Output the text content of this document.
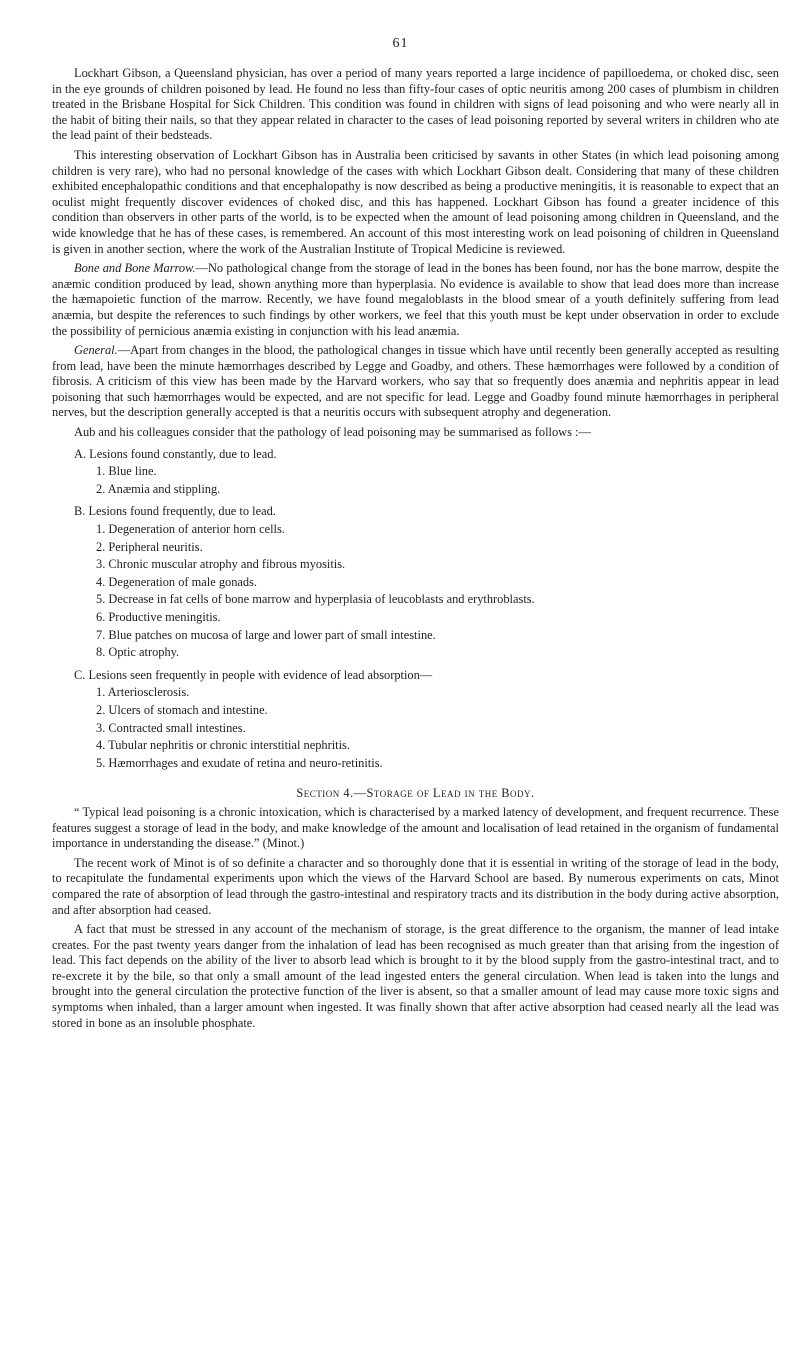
61

Lockhart Gibson, a Queensland physician, has over a period of many years reported a large incidence of papilloedema, or choked disc, seen in the eye grounds of children poisoned by lead. He found no less than fifty-four cases of optic neuritis among 200 cases of plumbism in children treated in the Brisbane Hospital for Sick Children. This condition was found in children with signs of lead poisoning and who were nearly all in the habit of biting their nails, so that they appear related in character to the cases of lead poisoning reported by several writers in children who ate the lead paint of their bedsteads.

This interesting observation of Lockhart Gibson has in Australia been criticised by savants in other States (in which lead poisoning among children is very rare), who had no personal knowledge of the cases with which Lockhart Gibson dealt. Considering that many of these children exhibited encephalopathic conditions and that encephalopathy is now described as being a productive meningitis, it is reasonable to expect that an oculist might frequently discover evidences of choked disc, and this has happened. Lockhart Gibson has found a greater incidence of this condition than observers in other parts of the world, is to be expected when the amount of lead poisoning among children in Queensland, and the wide knowledge that he has of these cases, is remembered. An account of this most interesting work on lead poisoning of children in Queensland is given in another section, where the work of the Australian Institute of Tropical Medicine is reviewed.

Bone and Bone Marrow.—No pathological change from the storage of lead in the bones has been found, nor has the bone marrow, despite the anæmic condition produced by lead, shown anything more than hyperplasia. No evidence is available to show that lead does more than increase the hæmapoietic function of the marrow. Recently, we have found megaloblasts in the blood smear of a youth definitely suffering from lead anæmia, but despite the references to such findings by other workers, we feel that this youth must be kept under observation in order to exclude the possibility of pernicious anæmia existing in conjunction with his lead anæmia.

General.—Apart from changes in the blood, the pathological changes in tissue which have until recently been generally accepted as resulting from lead, have been the minute hæmorrhages described by Legge and Goadby, and others. These hæmorrhages were followed by a condition of fibrosis. A criticism of this view has been made by the Harvard workers, who say that so frequently does anæmia and nephritis appear in lead poisoning that such hæmorrhages would be expected, and are not specific for lead. Legge and Goadby found minute hæmorrhages in peripheral nerves, but the description generally accepted is that a neuritis occurs with subsequent atrophy and degeneration.

Aub and his colleagues consider that the pathology of lead poisoning may be summarised as follows :—

A. Lesions found constantly, due to lead.
1. Blue line.
2. Anæmia and stippling.
B. Lesions found frequently, due to lead.
1. Degeneration of anterior horn cells.
2. Peripheral neuritis.
3. Chronic muscular atrophy and fibrous myositis.
4. Degeneration of male gonads.
5. Decrease in fat cells of bone marrow and hyperplasia of leucoblasts and erythroblasts.
6. Productive meningitis.
7. Blue patches on mucosa of large and lower part of small intestine.
8. Optic atrophy.
C. Lesions seen frequently in people with evidence of lead absorption—
1. Arteriosclerosis.
2. Ulcers of stomach and intestine.
3. Contracted small intestines.
4. Tubular nephritis or chronic interstitial nephritis.
5. Hæmorrhages and exudate of retina and neuro-retinitis.
Section 4.—Storage of Lead in the Body.

“ Typical lead poisoning is a chronic intoxication, which is characterised by a marked latency of development, and frequent recurrence. These features suggest a storage of lead in the body, and make knowledge of the amount and localisation of lead retained in the organism of fundamental importance in understanding the disease.” (Minot.)

The recent work of Minot is of so definite a character and so thoroughly done that it is essential in writing of the storage of lead in the body, to recapitulate the fundamental experiments upon which the views of the Harvard School are based. By numerous experiments on cats, Minot compared the rate of absorption of lead through the gastro-intestinal and respiratory tracts and its distribution in the body during active absorption, and after absorption had ceased.

A fact that must be stressed in any account of the mechanism of storage, is the great difference to the organism, the manner of lead intake creates. For the past twenty years danger from the inhalation of lead has been recognised as much greater than that arising from the ingestion of lead. This fact depends on the ability of the liver to absorb lead which is brought to it by the blood supply from the gastro-intestinal tract, and to re-excrete it by the bile, so that only a small amount of the lead ingested enters the general circulation. When lead is taken into the lungs and brought into the general circulation the protective function of the liver is absent, so that a smaller amount of lead may cause more toxic signs and symptoms when inhaled, than a larger amount when ingested. It was finally shown that after active absorption had ceased nearly all the lead was stored in bone as an insoluble phosphate.
